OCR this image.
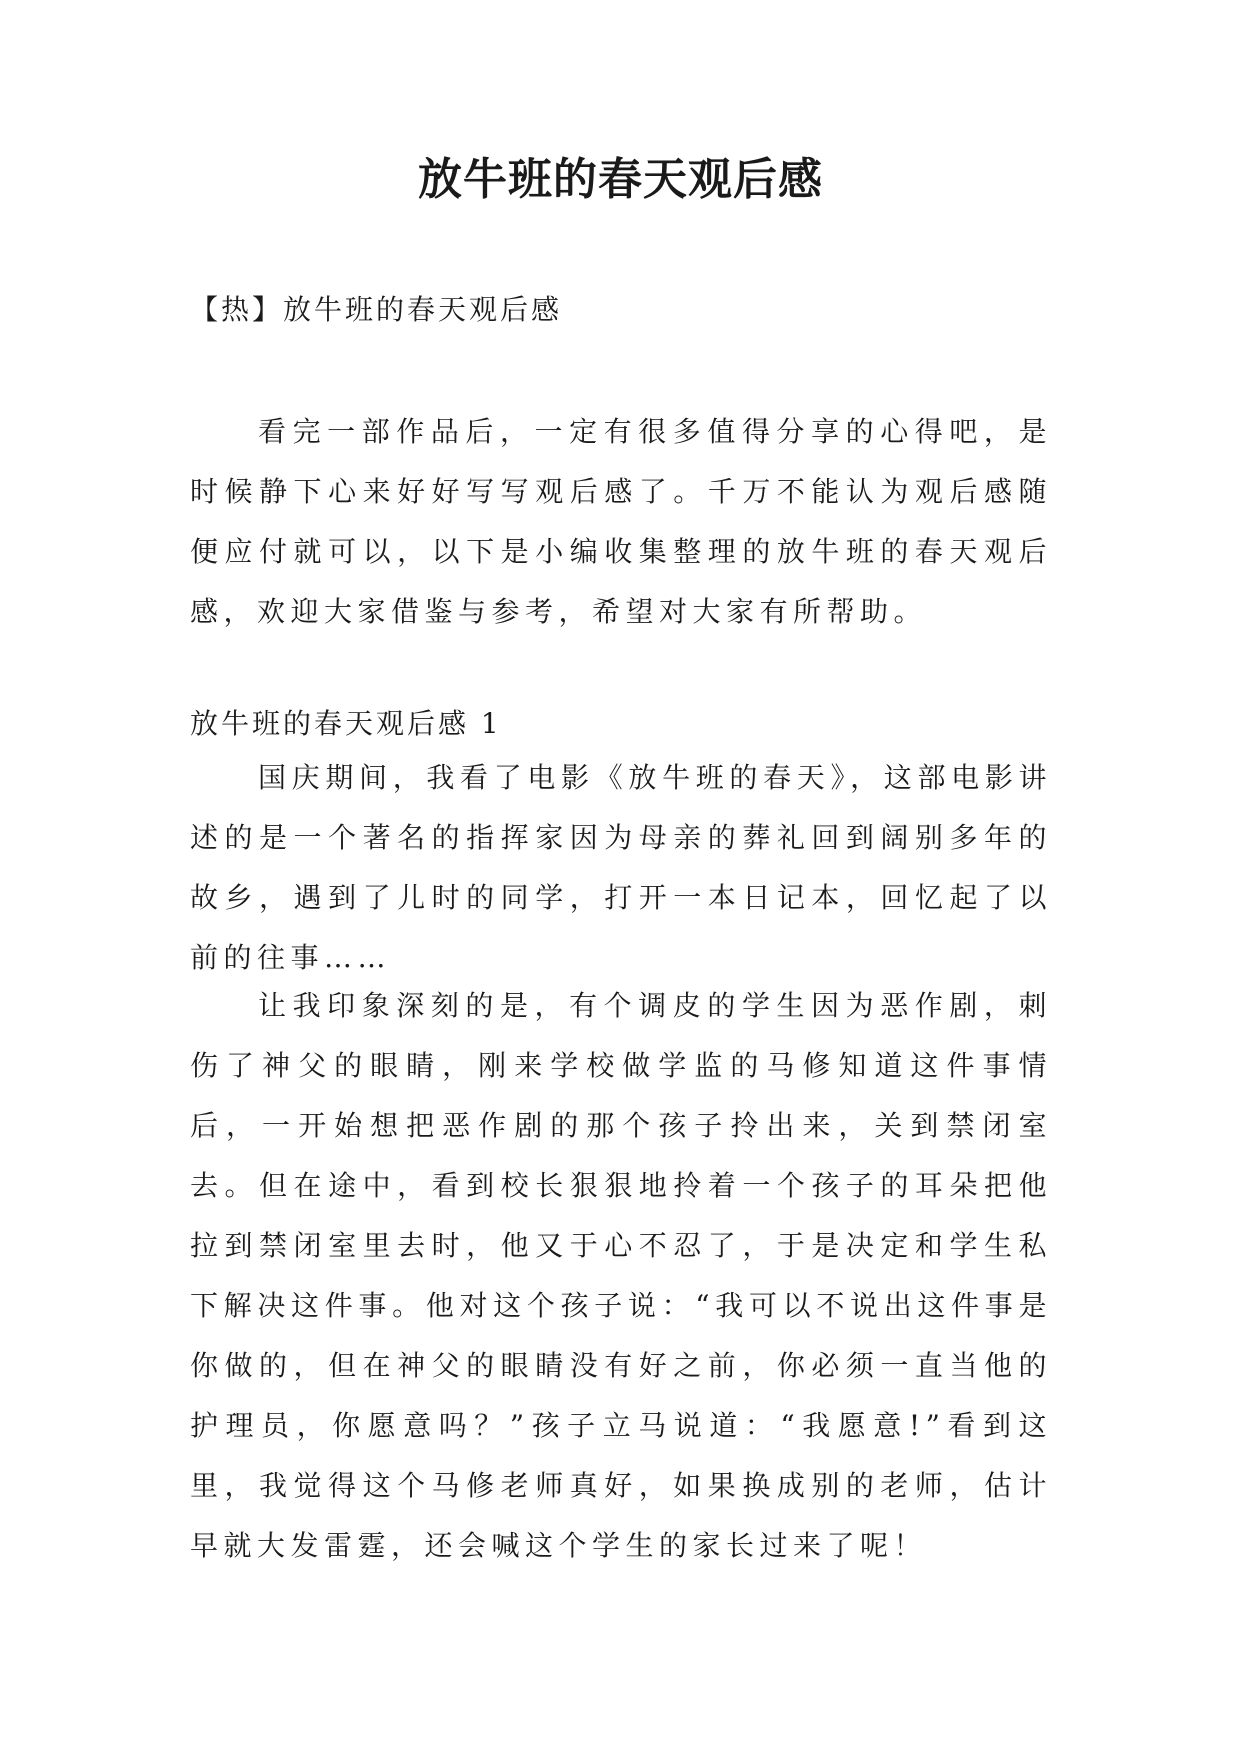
放牛班的春天观后感
【热】放牛班的春天观后感

看完一部作品后，一定有很多值得分享的心得吧，是时候静下心来好好写写观后感了。千万不能认为观后感随便应付就可以，以下是小编收集整理的放牛班的春天观后感，欢迎大家借鉴与参考，希望对大家有所帮助。

放牛班的春天观后感 1

国庆期间，我看了电影《放牛班的春天》，这部电影讲述的是一个著名的指挥家因为母亲的葬礼回到阔别多年的故乡，遇到了儿时的同学，打开一本日记本，回忆起了以前的往事……

让我印象深刻的是，有个调皮的学生因为恶作剧，刺伤了神父的眼睛，刚来学校做学监的马修知道这件事情后，一开始想把恶作剧的那个孩子拎出来，关到禁闭室去。但在途中，看到校长狠狠地拎着一个孩子的耳朵把他拉到禁闭室里去时，他又于心不忍了，于是决定和学生私下解决这件事。他对这个孩子说：“我可以不说出这件事是你做的，但在神父的眼睛没有好之前，你必须一直当他的护理员，你愿意吗？”孩子立马说道：“我愿意!”看到这里，我觉得这个马修老师真好，如果换成别的老师，估计早就大发雷霆，还会喊这个学生的家长过来了呢！
